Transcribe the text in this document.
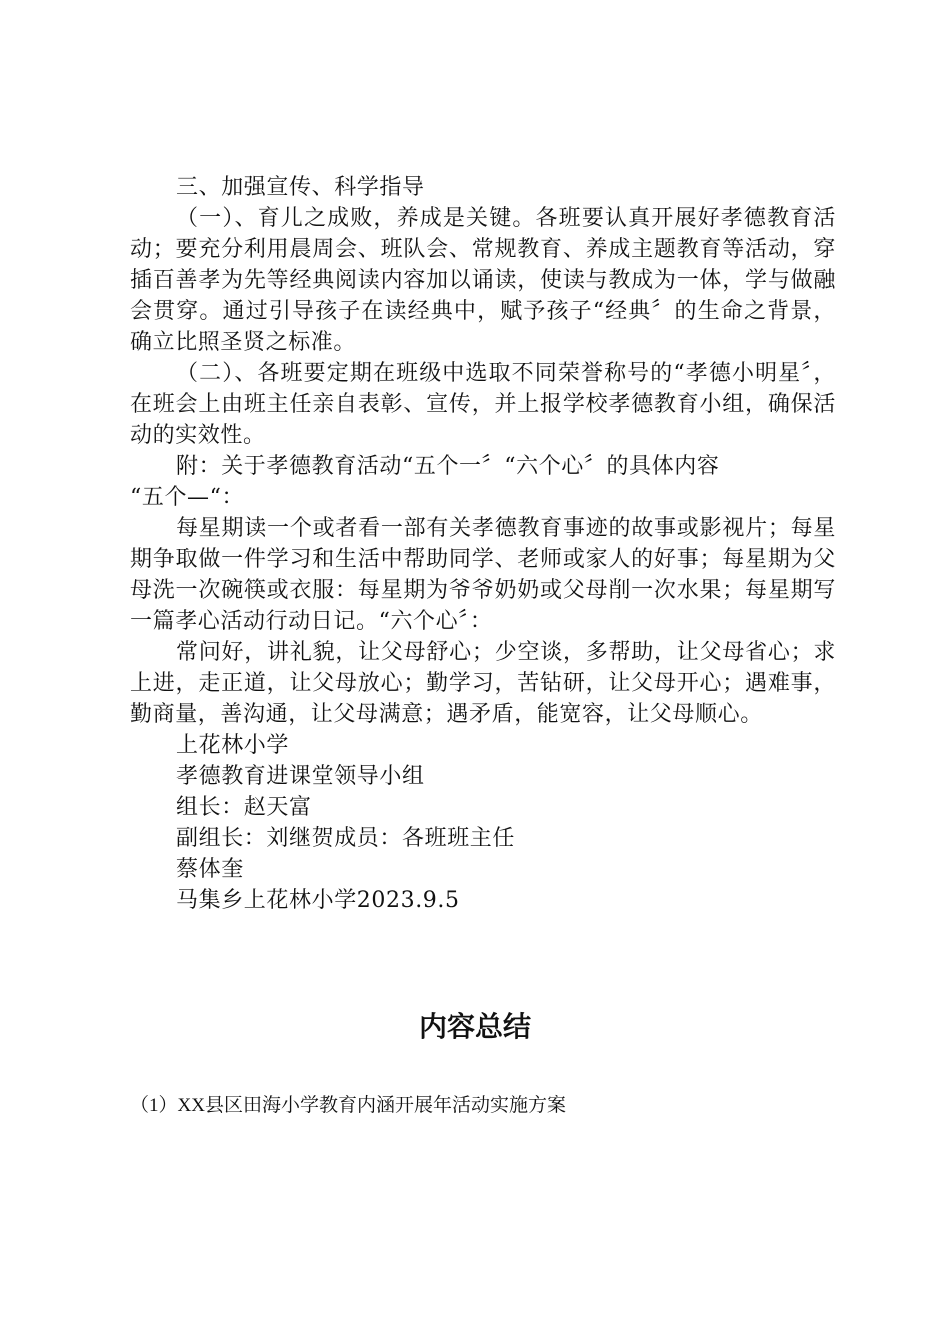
三、加强宣传、科学指导

（一）、育儿之成败，养成是关键。各班要认真开展好孝德教育活动；要充分利用晨周会、班队会、常规教育、养成主题教育等活动，穿插百善孝为先等经典阅读内容加以诵读，使读与教成为一体，学与做融会贯穿。通过引导孩子在读经典中，赋予孩子“经典〞的生命之背景，确立比照圣贤之标准。

（二）、各班要定期在班级中选取不同荣誉称号的“孝德小明星〞，在班会上由班主任亲自表彰、宣传，并上报学校孝德教育小组，确保活动的实效性。

附：关于孝德教育活动“五个一〞“六个心〞的具体内容

“五个—“：

每星期读一个或者看一部有关孝德教育事迹的故事或影视片；每星期争取做一件学习和生活中帮助同学、老师或家人的好事；每星期为父母洗一次碗筷或衣服：每星期为爷爷奶奶或父母削一次水果；每星期写一篇孝心活动行动日记。“六个心〞：

常问好，讲礼貌，让父母舒心；少空谈，多帮助，让父母省心；求上进，走正道，让父母放心；勤学习，苦钻研，让父母开心；遇难事，勤商量，善沟通，让父母满意；遇矛盾，能宽容，让父母顺心。

上花林小学

孝德教育进课堂领导小组

组长：赵天富

副组长：刘继贺成员：各班班主任

蔡体奎

马集乡上花林小学2023.9.5

内容总结

（1）XX县区田海小学教育内涵开展年活动实施方案
